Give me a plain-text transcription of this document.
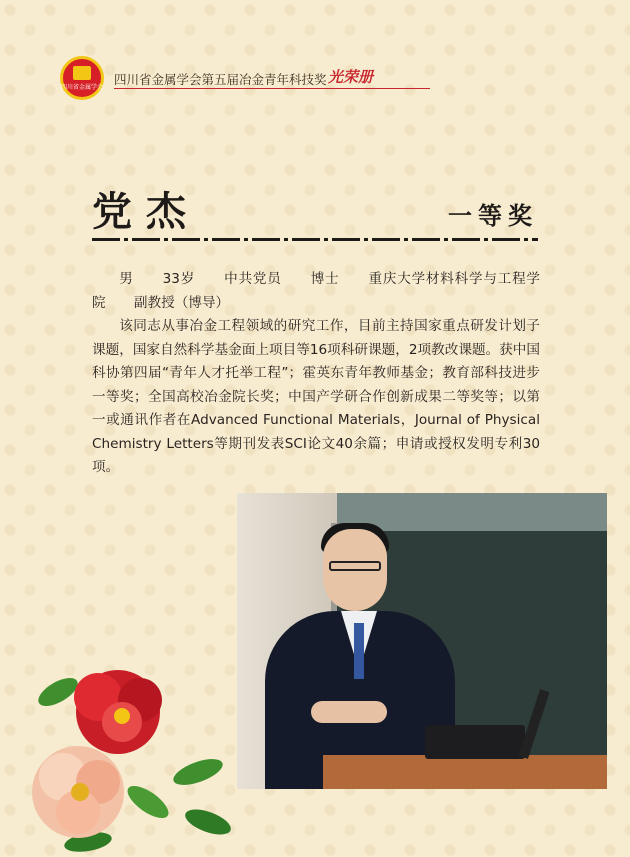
四川省金属学会 四川省金属学会第五届冶金青年科技奖 光荣册
党杰	一等奖

男 33岁 中共党员 博士 重庆大学材料科学与工程学院 副教授（博导）

该同志从事冶金工程领域的研究工作，目前主持国家重点研发计划子课题，国家自然科学基金面上项目等16项科研课题，2项教改课题。获中国科协第四届“青年人才托举工程”；霍英东青年教师基金；教育部科技进步一等奖；全国高校冶金院长奖；中国产学研合作创新成果二等奖等；以第一或通讯作者在Advanced Functional Materials，Journal of Physical Chemistry Letters等期刊发表SCI论文40余篇；申请或授权发明专利30项。
